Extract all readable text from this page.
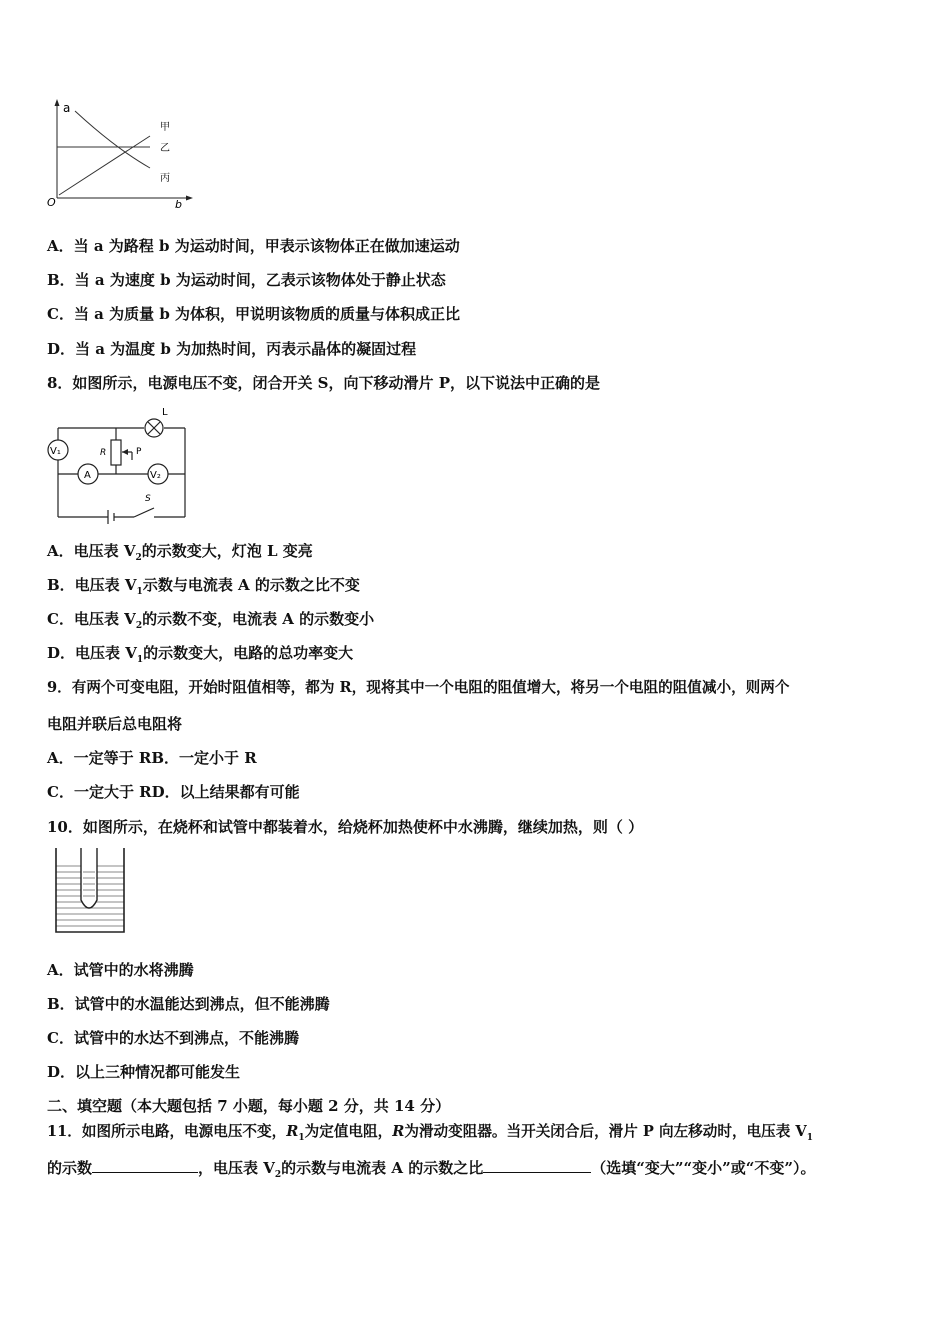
a
O	b
甲
乙
丙
A．当 a 为路程 b 为运动时间，甲表示该物体正在做加速运动
B．当 a 为速度 b 为运动时间，乙表示该物体处于静止状态
C．当 a 为质量 b 为体积，甲说明该物质的质量与体积成正比
D．当 a 为温度 b 为加热时间，丙表示晶体的凝固过程
8．如图所示，电源电压不变，闭合开关 S，向下移动滑片 P，以下说法中正确的是
L
V₁
A
R	P
V₂
S
A．电压表 $V_2$的示数变大，灯泡 L 变亮
B．电压表 $V_1$示数与电流表 A 的示数之比不变
C．电压表 $V_2$的示数不变，电流表 A 的示数变小
D．电压表 $V_1$的示数变大，电路的总功率变大
9．有两个可变电阻，开始时阻值相等，都为 R，现将其中一个电阻的阻值增大，将另一个电阻的阻值减小，则两个
电阻并联后总电阻将
A．一定等于 RB．一定小于 R
C．一定大于 RD．以上结果都有可能
10．如图所示，在烧杯和试管中都装着水，给烧杯加热使杯中水沸腾，继续加热，则（ ）
A．试管中的水将沸腾
B．试管中的水温能达到沸点，但不能沸腾
C．试管中的水达不到沸点，不能沸腾
D．以上三种情况都可能发生
二、填空题（本大题包括 7 小题，每小题 2 分，共 14 分）
11．如图所示电路，电源电压不变，$R_1$为定值电阻，R为滑动变阻器。当开关闭合后，滑片 P 向左移动时，电压表 $V_1$
的示数	，电压表 $V_2$的示数与电流表 A 的示数之比	（选填“变大”“变小”或“不变”）。
